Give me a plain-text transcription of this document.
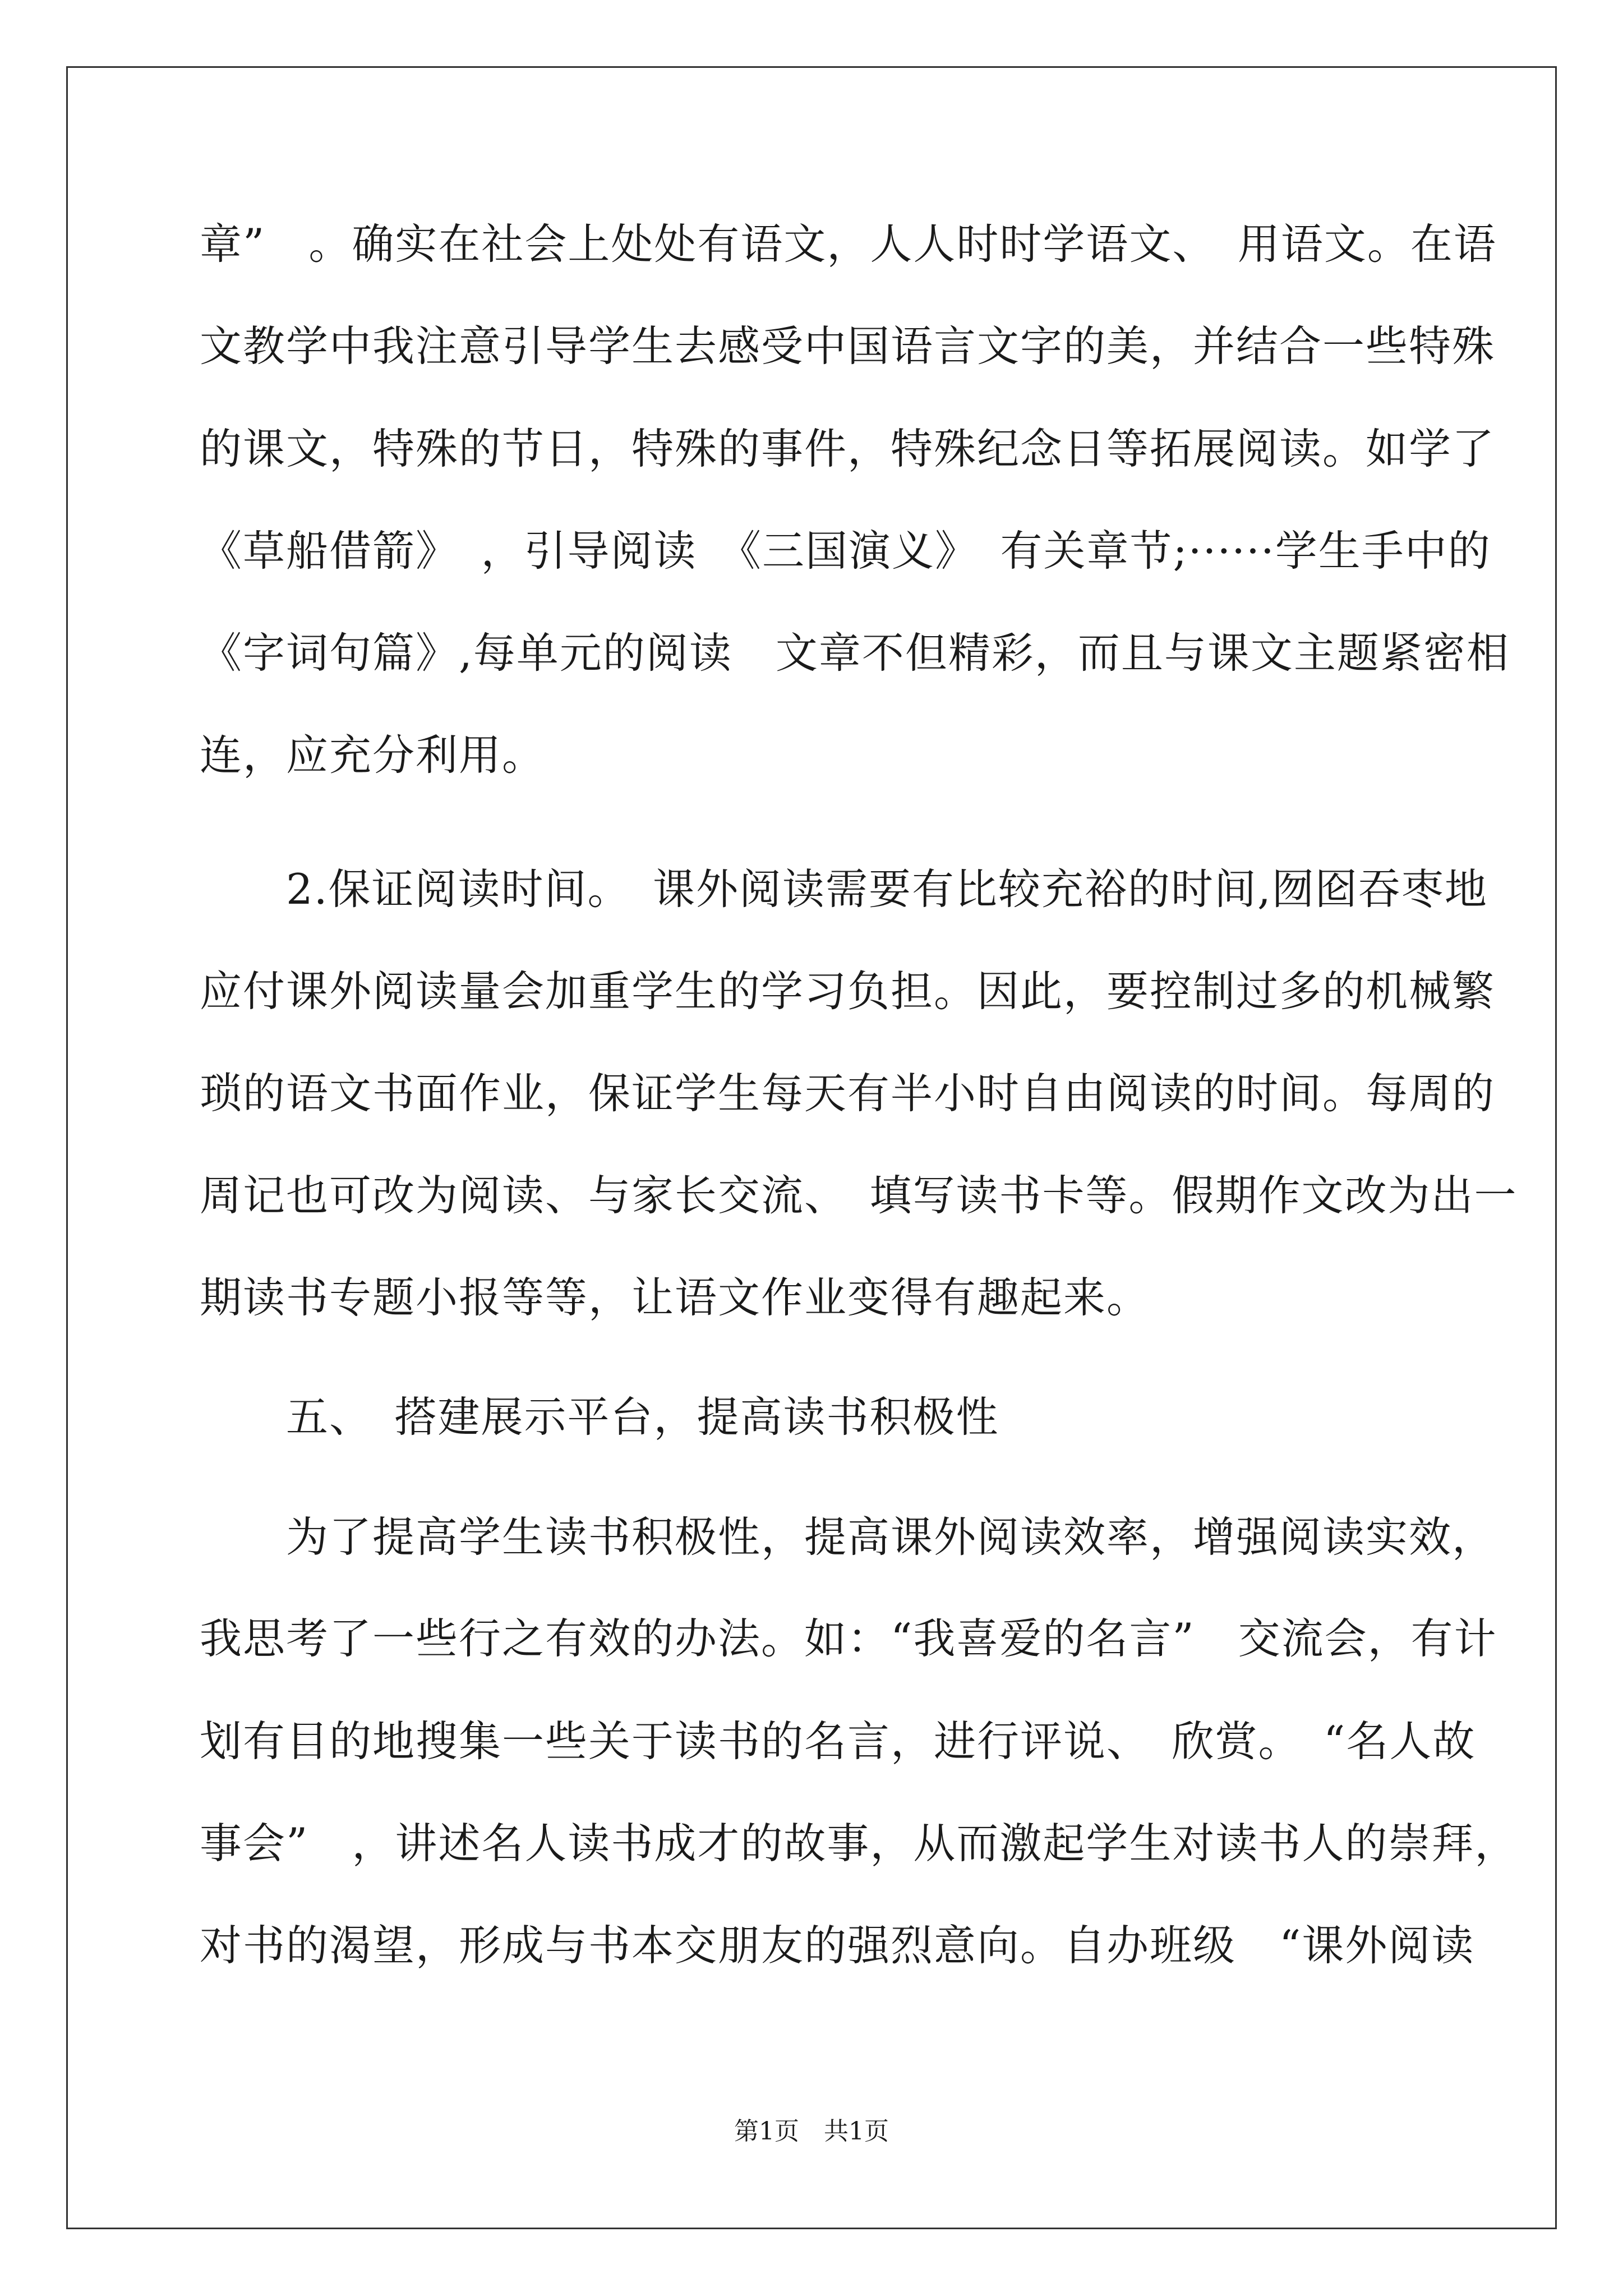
章”　。确实在社会上处处有语文，人人时时学语文、　用语文。在语
文教学中我注意引导学生去感受中国语言文字的美，并结合一些特殊
的课文，特殊的节日，特殊的事件，特殊纪念日等拓展阅读。如学了
《草船借箭》　，引导阅读　《三国演义》　有关章节;······学生手中的
《字词句篇》,每单元的阅读　文章不但精彩，而且与课文主题紧密相
连，应充分利用。
　　2.保证阅读时间。　课外阅读需要有比较充裕的时间,囫囵吞枣地
应付课外阅读量会加重学生的学习负担。因此，要控制过多的机械繁
琐的语文书面作业，保证学生每天有半小时自由阅读的时间。每周的
周记也可改为阅读、与家长交流、　填写读书卡等。假期作文改为出一
期读书专题小报等等，让语文作业变得有趣起来。
　　五、　搭建展示平台，提高读书积极性
　　为了提高学生读书积极性，提高课外阅读效率，增强阅读实效，
我思考了一些行之有效的办法。如：“我喜爱的名言”　交流会，有计
划有目的地搜集一些关于读书的名言，进行评说、　欣赏。　“名人故
事会”　，讲述名人读书成才的故事，从而激起学生对读书人的崇拜，
对书的渴望，形成与书本交朋友的强烈意向。自办班级　“课外阅读
第1页　共1页
